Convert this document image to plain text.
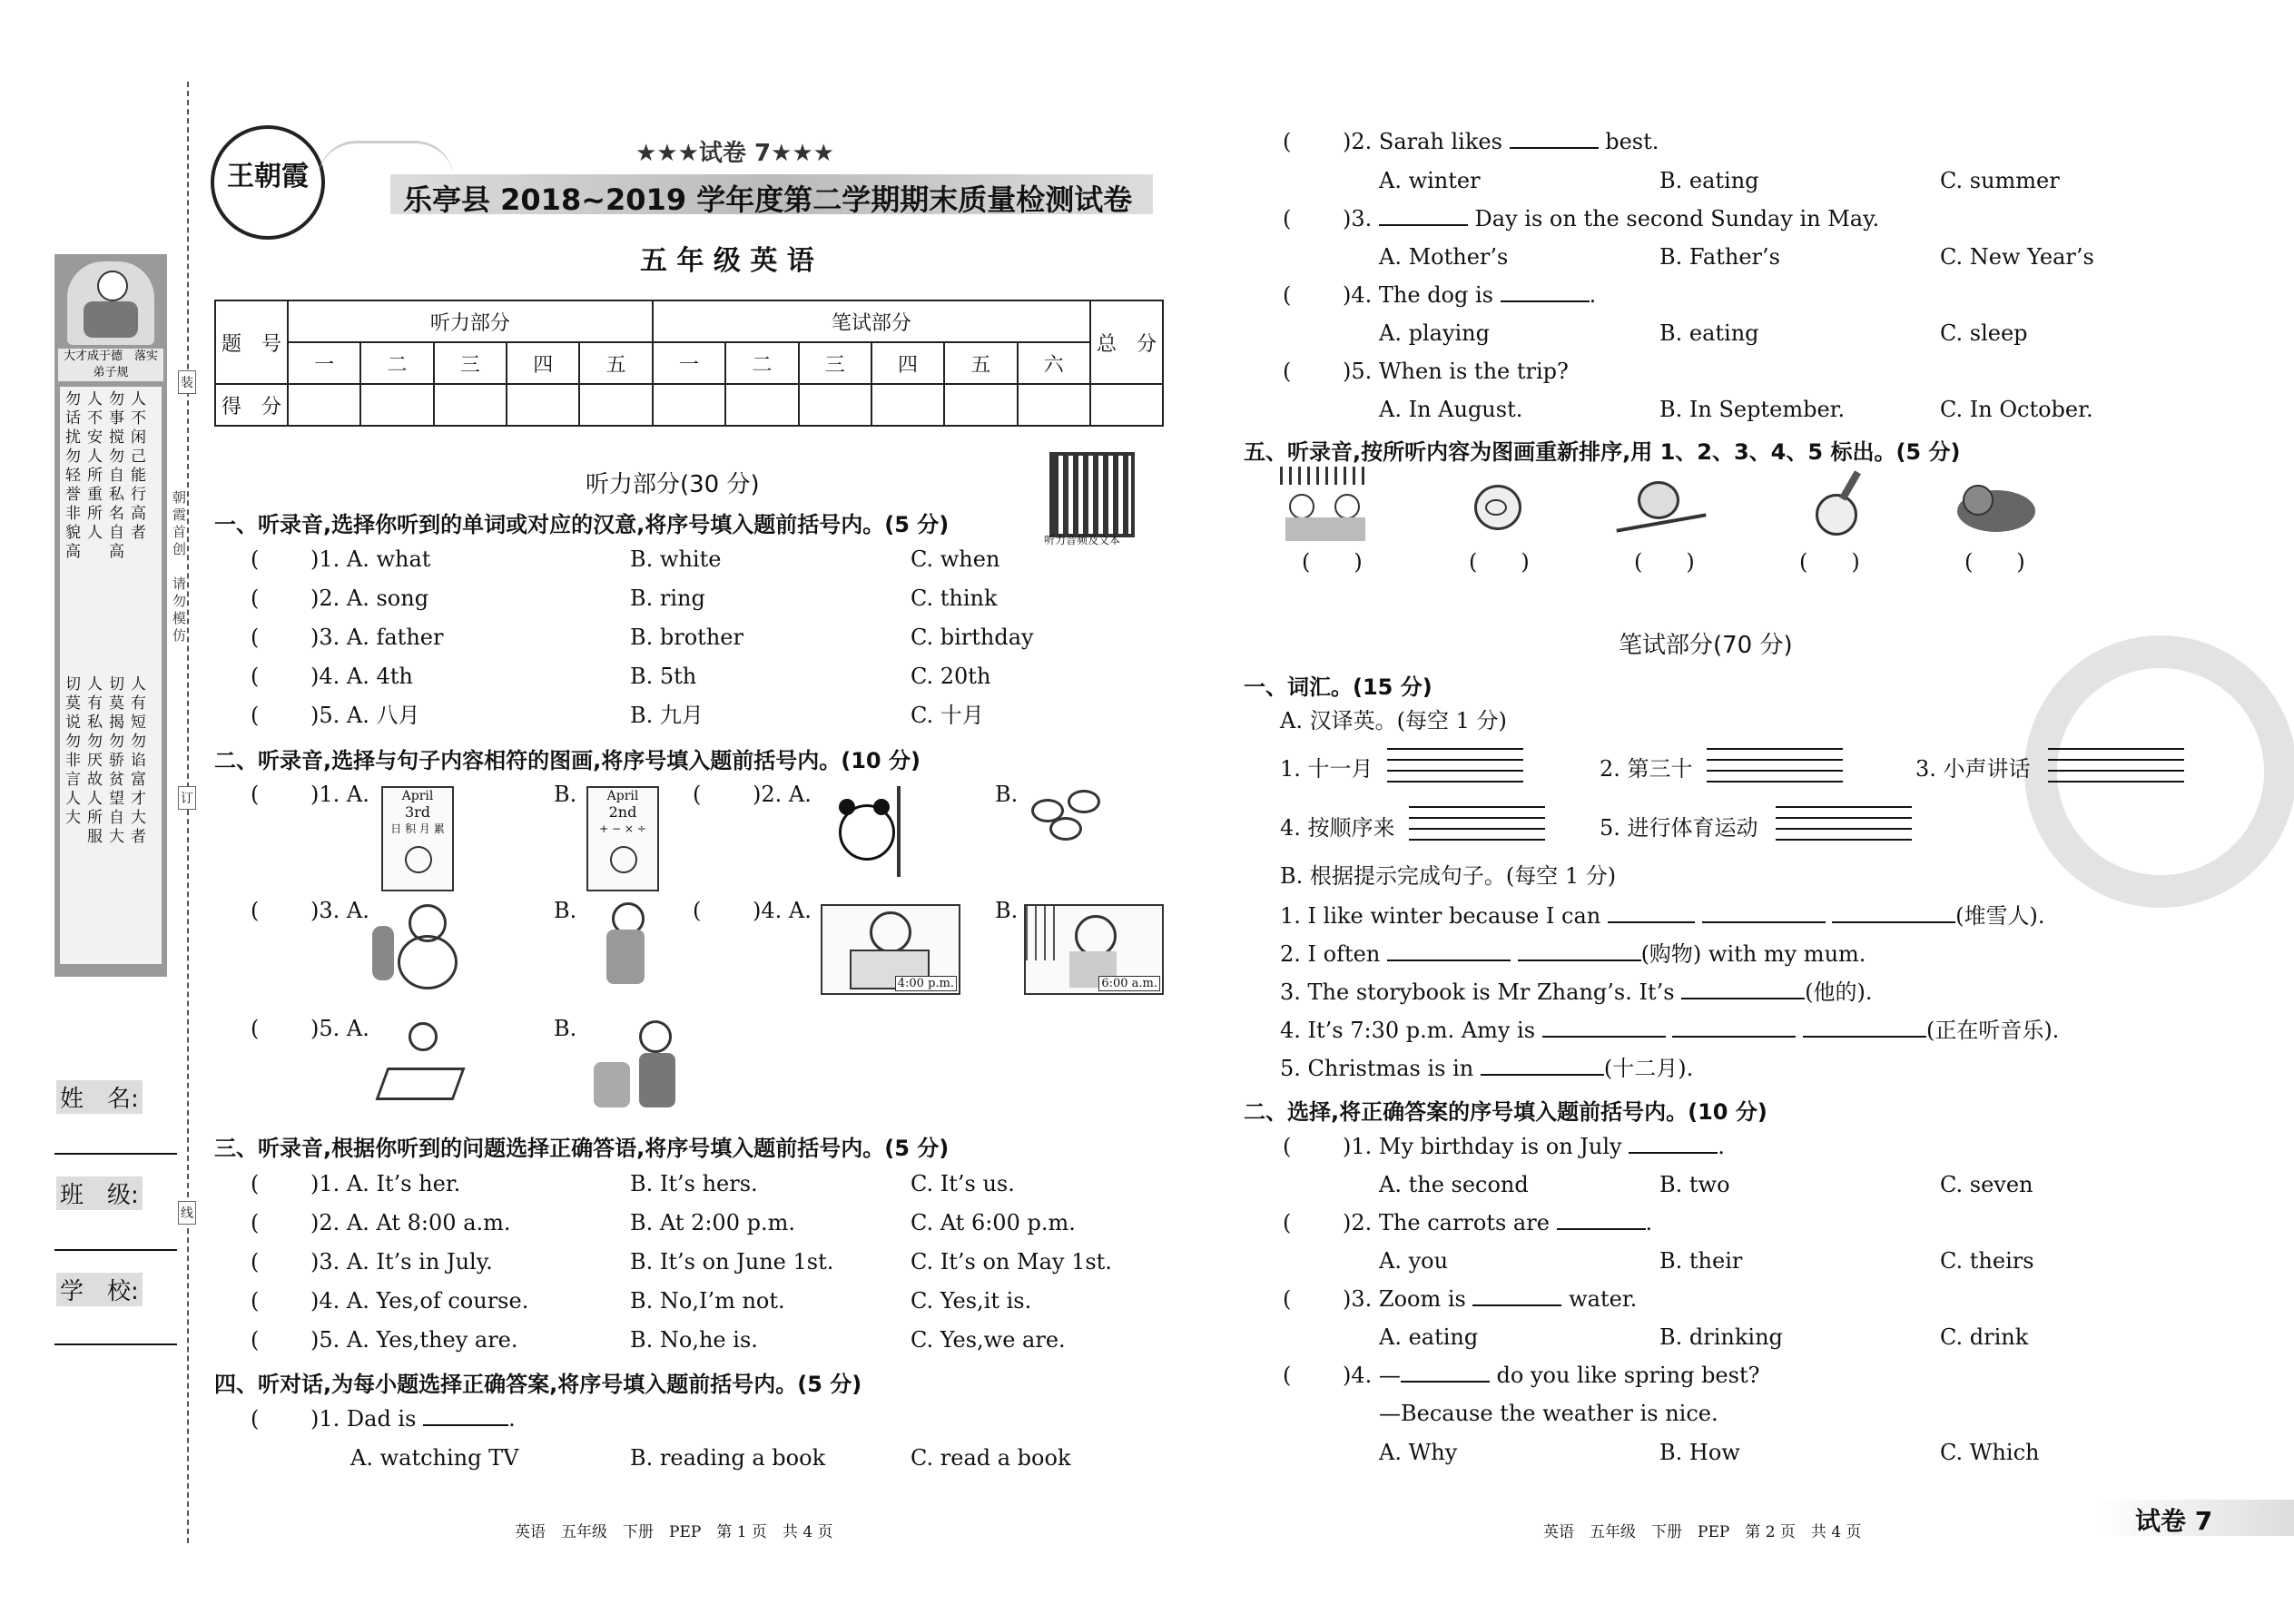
装
订
线
朝霞首创　请勿模仿
大才成于德　落实弟子规
人不闲己能行高者
勿事搅勿自私名自高
人不安人所重所人
勿话扰勿轻誉非貌高
人有短勿谄富才大者
切莫揭勿骄贫望自大
人有私勿厌故人所服
切莫说勿非言人大
姓　名:
班　级:
学　校:
王朝霞
★★★试卷 7★★★
乐亭县 2018~2019 学年度第二学期期末质量检测试卷
五 年 级 英 语
题　号	听力部分					笔试部分						总　分
	一	二	三	四	五	一	二	三	四	五	六	
得　分												
听力音频及文本
听力部分(30 分)
一、听录音,选择你听到的单词或对应的汉意,将序号填入题前括号内。(5 分)
( )1. A. what	B. white	C. when
( )2. A. song	B. ring	C. think
( )3. A. father	B. brother	C. birthday
( )4. A. 4th	B. 5th	C. 20th
( )5. A. 八月	B. 九月	C. 十月
二、听录音,选择与句子内容相符的图画,将序号填入题前括号内。(10 分)
( )1. A.	April
3rd
日 积 月 累
B.	April
2nd
+ − × ÷
( )2. A.	B.
( )3. A.	B.	( )4. A.
4:00 p.m.
B.
6:00 a.m.
( )5. A.	B.
三、听录音,根据你听到的问题选择正确答语,将序号填入题前括号内。(5 分)
( )1. A. It’s her.	B. It’s hers.	C. It’s us.
( )2. A. At 8:00 a.m.	B. At 2:00 p.m.	C. At 6:00 p.m.
( )3. A. It’s in July.	B. It’s on June 1st.	C. It’s on May 1st.
( )4. A. Yes,of course.	B. No,I’m not.	C. Yes,it is.
( )5. A. Yes,they are.	B. No,he is.	C. Yes,we are.
四、听对话,为每小题选择正确答案,将序号填入题前括号内。(5 分)
( )1. Dad is	.
A. watching TV	B. reading a book	C. read a book
英语　五年级　下册　PEP　第 1 页　共 4 页
( )2. Sarah likes	best.
A. winter	B. eating	C. summer
( )3.	Day is on the second Sunday in May.
A. Mother’s	B. Father’s	C. New Year’s
( )4. The dog is	.
A. playing	B. eating	C. sleep
( )5. When is the trip?
A. In August.	B. In September.	C. In October.
五、听录音,按所听内容为图画重新排序,用 1、2、3、4、5 标出。(5 分)
(　　)	(　　)	(　　)	(　　)	(　　)
笔试部分(70 分)
一、词汇。(15 分)
A. 汉译英。(每空 1 分)
1. 十一月	2. 第三十	3. 小声讲话
4. 按顺序来	5. 进行体育运动
B. 根据提示完成句子。(每空 1 分)
1. I like winter because I can	(堆雪人).
2. I often	(购物) with my mum.
3. The storybook is Mr Zhang’s. It’s	(他的).
4. It’s 7:30 p.m. Amy is	(正在听音乐).
5. Christmas is in	(十二月).
二、选择,将正确答案的序号填入题前括号内。(10 分)
( )1. My birthday is on July	.
A. the second	B. two	C. seven
( )2. The carrots are	.
A. you	B. their	C. theirs
( )3. Zoom is	water.
A. eating	B. drinking	C. drink
( )4. —	do you like spring best?
—Because the weather is nice.
A. Why	B. How	C. Which
英语　五年级　下册　PEP　第 2 页　共 4 页	试卷 7
